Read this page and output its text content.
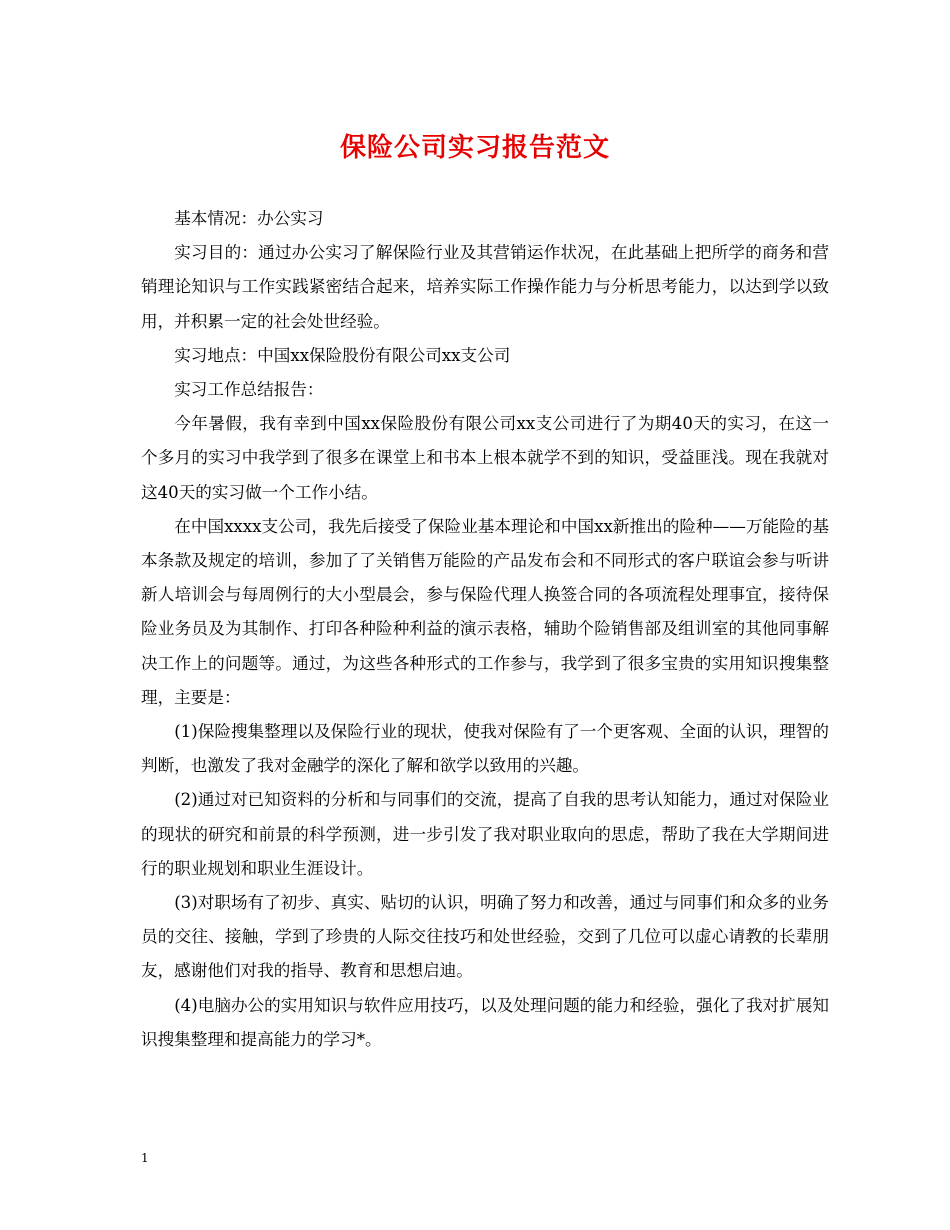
保险公司实习报告范文

基本情况：办公实习

实习目的：通过办公实习了解保险行业及其营销运作状况，在此基础上把所学的商务和营销理论知识与工作实践紧密结合起来，培养实际工作操作能力与分析思考能力，以达到学以致用，并积累一定的社会处世经验。

实习地点：中国xx保险股份有限公司xx支公司

实习工作总结报告：

今年暑假，我有幸到中国xx保险股份有限公司xx支公司进行了为期40天的实习，在这一个多月的实习中我学到了很多在课堂上和书本上根本就学不到的知识，受益匪浅。现在我就对这40天的实习做一个工作小结。

在中国xxxx支公司，我先后接受了保险业基本理论和中国xx新推出的险种——万能险的基本条款及规定的培训，参加了了关销售万能险的产品发布会和不同形式的客户联谊会参与听讲新人培训会与每周例行的大小型晨会，参与保险代理人换签合同的各项流程处理事宜，接待保险业务员及为其制作、打印各种险种利益的演示表格，辅助个险销售部及组训室的其他同事解决工作上的问题等。通过，为这些各种形式的工作参与，我学到了很多宝贵的实用知识搜集整理，主要是：

(1)保险搜集整理以及保险行业的现状，使我对保险有了一个更客观、全面的认识，理智的判断，也激发了我对金融学的深化了解和欲学以致用的兴趣。

(2)通过对已知资料的分析和与同事们的交流，提高了自我的思考认知能力，通过对保险业的现状的研究和前景的科学预测，进一步引发了我对职业取向的思虑，帮助了我在大学期间进行的职业规划和职业生涯设计。

(3)对职场有了初步、真实、贴切的认识，明确了努力和改善，通过与同事们和众多的业务员的交往、接触，学到了珍贵的人际交往技巧和处世经验，交到了几位可以虚心请教的长辈朋友，感谢他们对我的指导、教育和思想启迪。

(4)电脑办公的实用知识与软件应用技巧，以及处理问题的能力和经验，强化了我对扩展知识搜集整理和提高能力的学习*。

1
